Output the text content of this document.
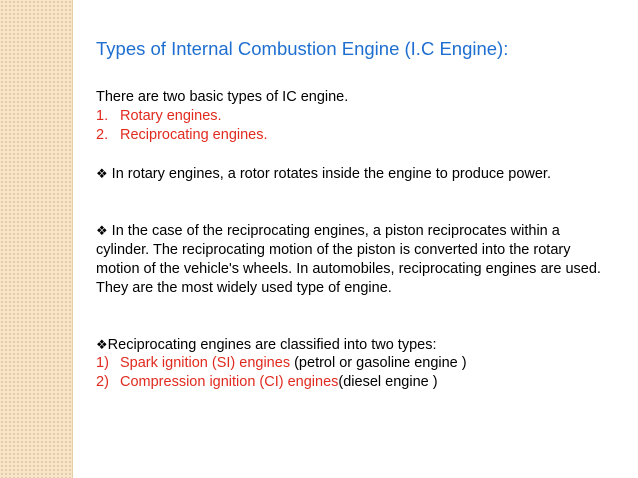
Types of Internal Combustion Engine (I.C Engine):
There are two basic types of IC engine.
1. Rotary engines.
2. Reciprocating engines.
❖ In rotary engines, a rotor rotates inside the engine to produce power.
❖ In the case of the reciprocating engines, a piston reciprocates within a cylinder. The reciprocating motion of the piston is converted into the rotary motion of the vehicle's wheels. In automobiles, reciprocating engines are used. They are the most widely used type of engine.
❖Reciprocating engines are classified into two types:
1) Spark ignition (SI) engines (petrol or gasoline engine )
2) Compression ignition (CI) engines(diesel engine )
